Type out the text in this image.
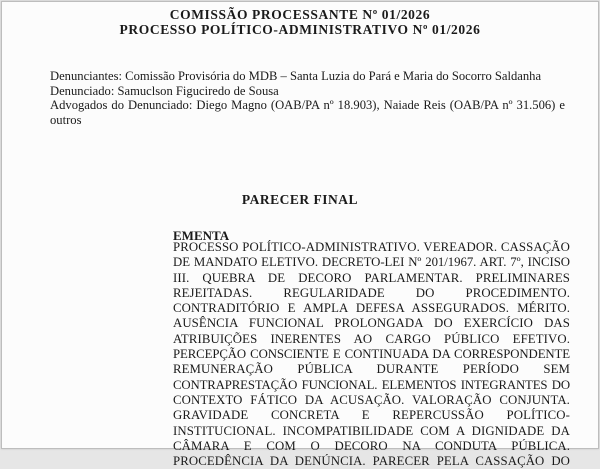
COMISSÃO PROCESSANTE Nº 01/2026
PROCESSO POLÍTICO-ADMINISTRATIVO Nº 01/2026

Denunciantes: Comissão Provisória do MDB – Santa Luzia do Pará e Maria do Socorro Saldanha

Denunciado: Samuclson Figuciredo de Sousa

Advogados do Denunciado: Diego Magno (OAB/PA nº 18.903), Naiade Reis (OAB/PA nº 31.506) e outros

PARECER FINAL
EMENTA
PROCESSO POLÍTICO-ADMINISTRATIVO. VEREADOR. CASSAÇÃO
DE MANDATO ELETIVO. DECRETO-LEI Nº 201/1967. ART. 7º, INCISO
III. QUEBRA DE DECORO PARLAMENTAR. PRELIMINARES
REJEITADAS. REGULARIDADE DO PROCEDIMENTO.
CONTRADITÓRIO E AMPLA DEFESA ASSEGURADOS. MÉRITO.
AUSÊNCIA FUNCIONAL PROLONGADA DO EXERCÍCIO DAS
ATRIBUIÇÕES INERENTES AO CARGO PÚBLICO EFETIVO.
PERCEPÇÃO CONSCIENTE E CONTINUADA DA CORRESPONDENTE
REMUNERAÇÃO PÚBLICA DURANTE PERÍODO SEM
CONTRAPRESTAÇÃO FUNCIONAL. ELEMENTOS INTEGRANTES DO
CONTEXTO FÁTICO DA ACUSAÇÃO. VALORAÇÃO CONJUNTA.
GRAVIDADE CONCRETA E REPERCUSSÃO POLÍTICO-
INSTITUCIONAL. INCOMPATIBILIDADE COM A DIGNIDADE DA
CÂMARA E COM O DECORO NA CONDUTA PÚBLICA.
PROCEDÊNCIA DA DENÚNCIA. PARECER PELA CASSAÇÃO DO
